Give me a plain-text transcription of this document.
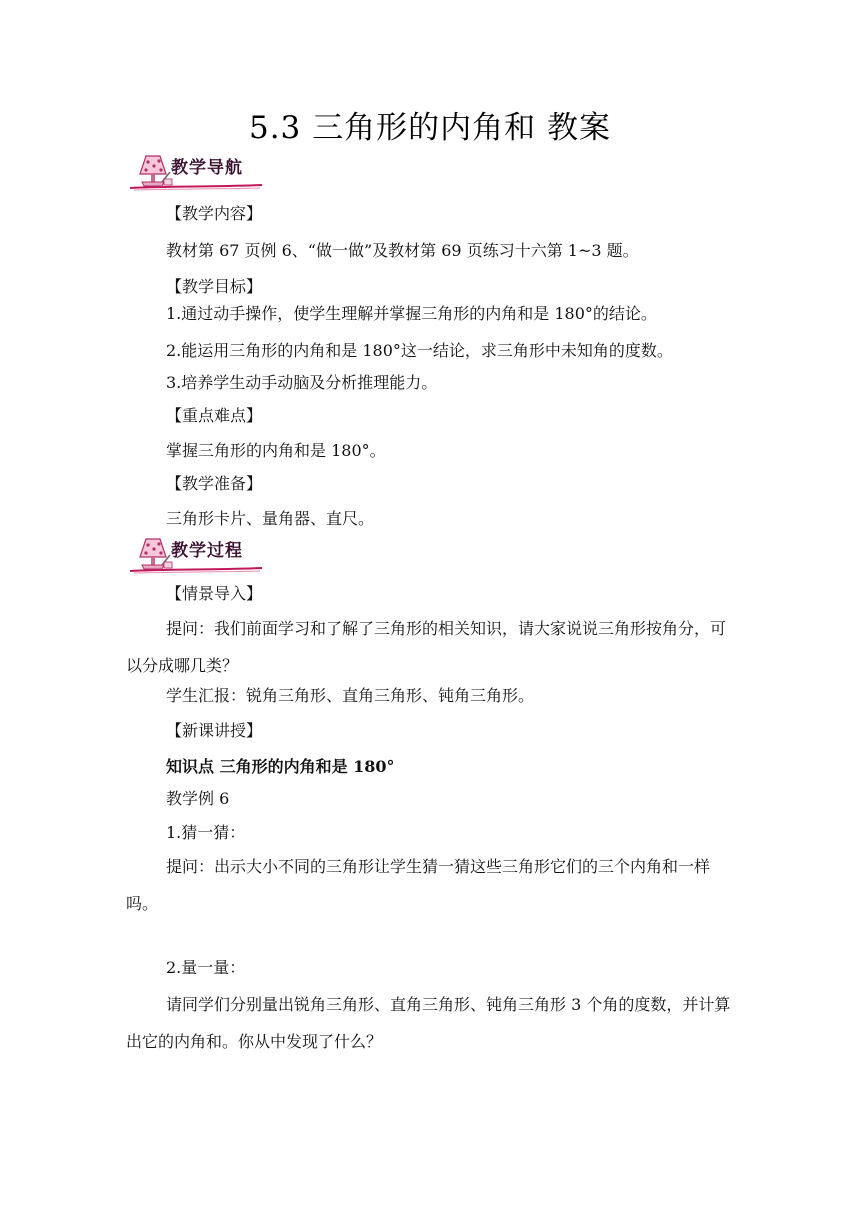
5.3 三角形的内角和 教案
教学导航
【教学内容】
教材第 67 页例 6、“做一做”及教材第 69 页练习十六第 1~3 题。
【教学目标】
1.通过动手操作，使学生理解并掌握三角形的内角和是 180°的结论。
2.能运用三角形的内角和是 180°这一结论，求三角形中未知角的度数。
3.培养学生动手动脑及分析推理能力。
【重点难点】
掌握三角形的内角和是 180°。
【教学准备】
三角形卡片、量角器、直尺。
教学过程
【情景导入】
提问：我们前面学习和了解了三角形的相关知识，请大家说说三角形按角分，可以分成哪几类？
学生汇报：锐角三角形、直角三角形、钝角三角形。
【新课讲授】
知识点 三角形的内角和是 180°
教学例 6
1.猜一猜：
提问：出示大小不同的三角形让学生猜一猜这些三角形它们的三个内角和一样吗。
2.量一量：
请同学们分别量出锐角三角形、直角三角形、钝角三角形 3 个角的度数，并计算出它的内角和。你从中发现了什么？
